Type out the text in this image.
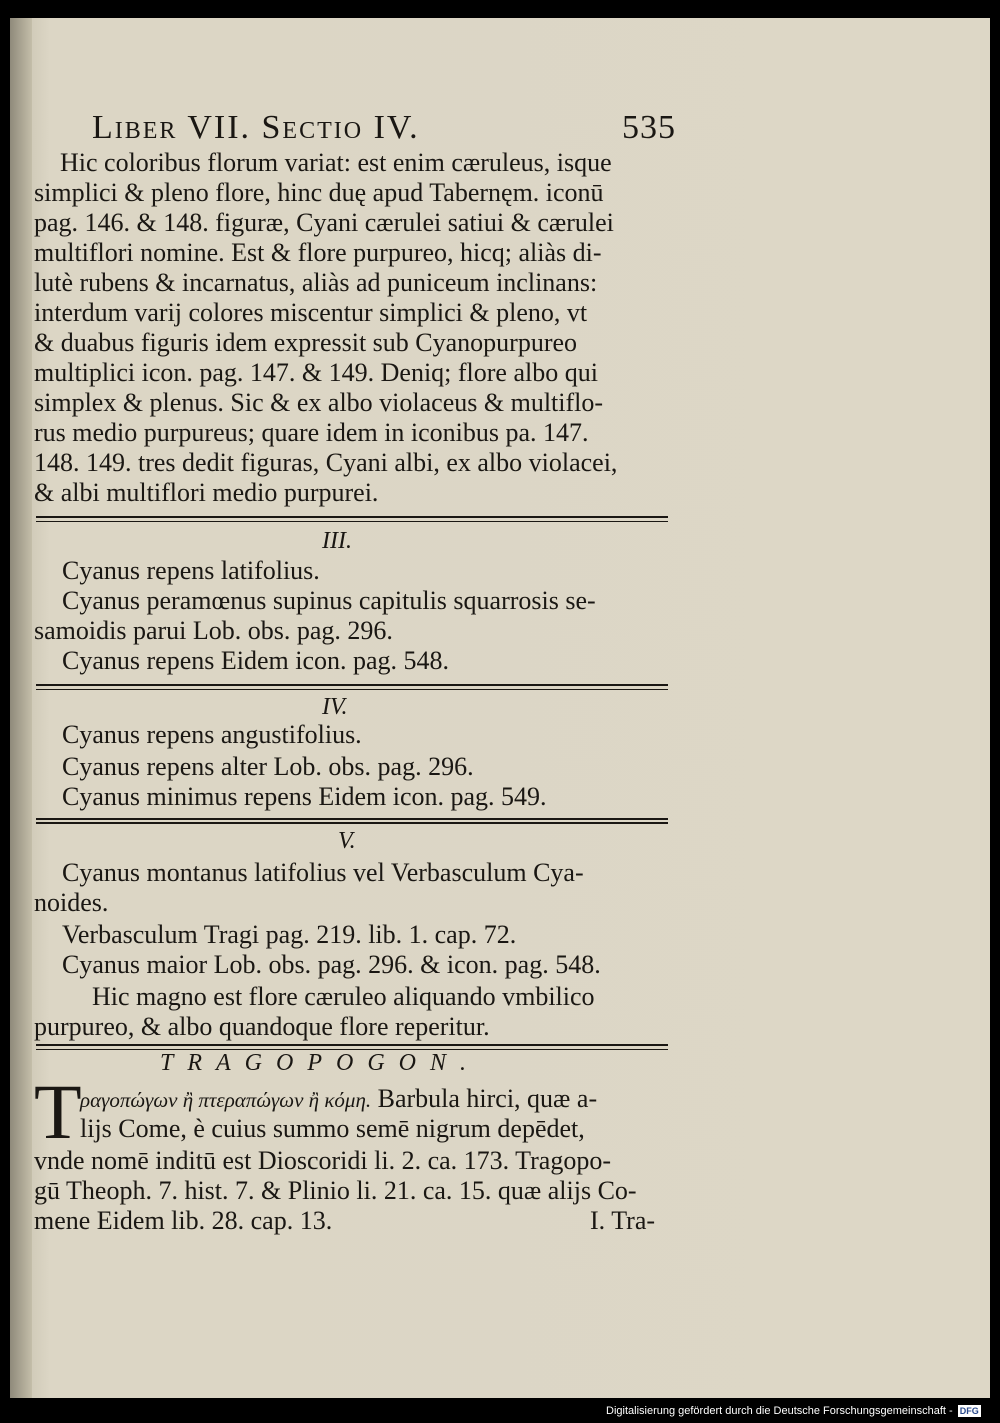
Liber VII. Sectio IV.	535
Hic coloribus florum variat: est enim cæruleus, isque
simplici & pleno flore, hinc duę apud Tabernęm. iconū
pag. 146. & 148. figuræ, Cyani cærulei satiui & cærulei
multiflori nomine. Est & flore purpureo, hicq; aliàs di-
lutè rubens & incarnatus, aliàs ad puniceum inclinans:
interdum varij colores miscentur simplici & pleno, vt
& duabus figuris idem expressit sub Cyanopurpureo
multiplici icon. pag. 147. & 149. Deniq; flore albo qui
simplex & plenus. Sic & ex albo violaceus & multiflo-
rus medio purpureus; quare idem in iconibus pa. 147.
148. 149. tres dedit figuras, Cyani albi, ex albo violacei,
& albi multiflori medio purpurei.
III.
Cyanus repens latifolius.
Cyanus peramœnus supinus capitulis squarrosis se-
samoidis parui Lob. obs. pag. 296.
Cyanus repens Eidem icon. pag. 548.
IV.
Cyanus repens angustifolius.
Cyanus repens alter Lob. obs. pag. 296.
Cyanus minimus repens Eidem icon. pag. 549.
V.
Cyanus montanus latifolius vel Verbasculum Cya-
noides.
Verbasculum Tragi pag. 219. lib. 1. cap. 72.
Cyanus maior Lob. obs. pag. 296. & icon. pag. 548.
Hic magno est flore cæruleo aliquando vmbilico
purpureo, & albo quandoque flore reperitur.
TRAGOPOGON.
T
ραγοπώγων ἢ πτεραπώγων ἢ κόμη. Barbula hirci, quæ a-
lijs Come, è cuius summo semē nigrum depēdet,
vnde nomē inditū est Dioscoridi li. 2. ca. 173. Tragopo-
gū Theoph. 7. hist. 7. & Plinio li. 21. ca. 15. quæ alijs Co-
mene Eidem lib. 28. cap. 13.	I. Tra-
Digitalisierung gefördert durch die Deutsche Forschungsgemeinschaft - DFG
